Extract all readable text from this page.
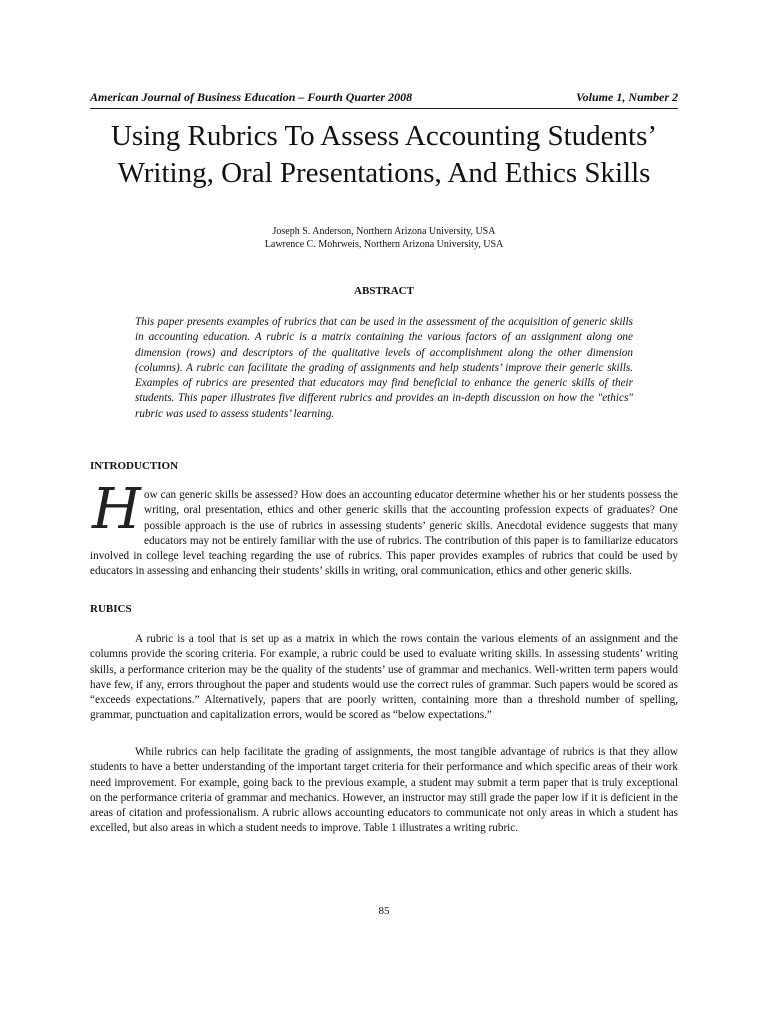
American Journal of Business Education – Fourth Quarter 2008	Volume 1, Number 2
Using Rubrics To Assess Accounting Students’ Writing, Oral Presentations, And Ethics Skills
Joseph S. Anderson, Northern Arizona University, USA
Lawrence C. Mohrweis, Northern Arizona University, USA
ABSTRACT

This paper presents examples of rubrics that can be used in the assessment of the acquisition of generic skills in accounting education. A rubric is a matrix containing the various factors of an assignment along one dimension (rows) and descriptors of the qualitative levels of accomplishment along the other dimension (columns). A rubric can facilitate the grading of assignments and help students’ improve their generic skills. Examples of rubrics are presented that educators may find beneficial to enhance the generic skills of their students. This paper illustrates five different rubrics and provides an in-depth discussion on how the "ethics" rubric was used to assess students’ learning.

INTRODUCTION

How can generic skills be assessed? How does an accounting educator determine whether his or her students possess the writing, oral presentation, ethics and other generic skills that the accounting profession expects of graduates? One possible approach is the use of rubrics in assessing students’ generic skills. Anecdotal evidence suggests that many educators may not be entirely familiar with the use of rubrics. The contribution of this paper is to familiarize educators involved in college level teaching regarding the use of rubrics. This paper provides examples of rubrics that could be used by educators in assessing and enhancing their students’ skills in writing, oral communication, ethics and other generic skills.

RUBICS

A rubric is a tool that is set up as a matrix in which the rows contain the various elements of an assignment and the columns provide the scoring criteria. For example, a rubric could be used to evaluate writing skills. In assessing students’ writing skills, a performance criterion may be the quality of the students’ use of grammar and mechanics. Well-written term papers would have few, if any, errors throughout the paper and students would use the correct rules of grammar. Such papers would be scored as “exceeds expectations.” Alternatively, papers that are poorly written, containing more than a threshold number of spelling, grammar, punctuation and capitalization errors, would be scored as “below expectations.”

While rubrics can help facilitate the grading of assignments, the most tangible advantage of rubrics is that they allow students to have a better understanding of the important target criteria for their performance and which specific areas of their work need improvement. For example, going back to the previous example, a student may submit a term paper that is truly exceptional on the performance criteria of grammar and mechanics. However, an instructor may still grade the paper low if it is deficient in the areas of citation and professionalism. A rubric allows accounting educators to communicate not only areas in which a student has excelled, but also areas in which a student needs to improve. Table 1 illustrates a writing rubric.

85
